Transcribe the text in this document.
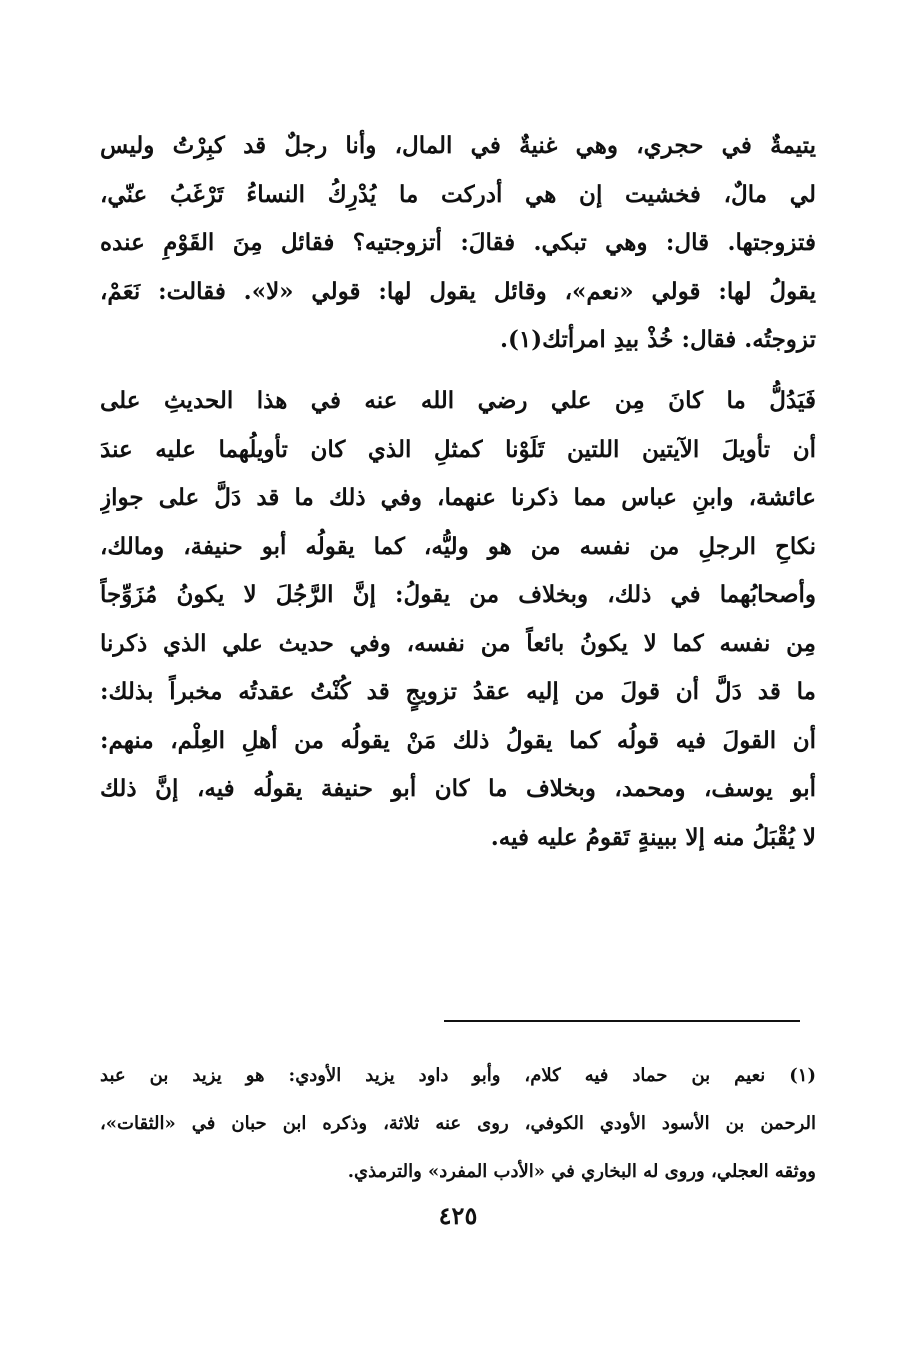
يتيمةٌ في حجري، وهي غنيةٌ في المال، وأنا رجلٌ قد كبِرْتُ وليس
لي مالٌ، فخشيت إن هي أدركت ما يُدْرِكُ النساءُ تَرْغَبُ عنّي،
فتزوجتها. قال: وهي تبكي. فقالَ: أتزوجتيه؟ فقائل مِنَ القَوْمِ عنده
يقولُ لها: قولي «نعم»، وقائل يقول لها: قولي «لا». فقالت: نَعَمْ،
تزوجتُه. فقال: خُذْ بيدِ امرأتك(١).
فَيَدُلُّ ما كانَ مِن علي رضي الله عنه في هذا الحديثِ على
أن تأويلَ الآيتين اللتين تَلَوْنا كمثلِ الذي كان تأويلُهما عليه عندَ
عائشة، وابنِ عباس مما ذكرنا عنهما، وفي ذلك ما قد دَلَّ على جوازِ
نكاحِ الرجلِ من نفسه من هو وليُّه، كما يقولُه أبو حنيفة، ومالك،
وأصحابُهما في ذلك، وبخلاف من يقولُ: إنَّ الرَّجُلَ لا يكونُ مُزَوِّجاً
مِن نفسه كما لا يكونُ بائعاً من نفسه، وفي حديث علي الذي ذكرنا
ما قد دَلَّ أن قولَ من إليه عقدُ تزويجٍ قد كُنْتُ عقدتُه مخبراً بذلك:
أن القولَ فيه قولُه كما يقولُ ذلك مَنْ يقولُه من أهلِ العِلْم، منهم:
أبو يوسف، ومحمد، وبخلاف ما كان أبو حنيفة يقولُه فيه، إنَّ ذلك
لا يُقْبَلُ منه إلا ببينةٍ تَقومُ عليه فيه.
(١) نعيم بن حماد فيه كلام، وأبو داود يزيد الأودي: هو يزيد بن عبد
الرحمن بن الأسود الأودي الكوفي، روى عنه ثلاثة، وذكره ابن حبان في «الثقات»،
ووثقه العجلي، وروى له البخاري في «الأدب المفرد» والترمذي.
٤٢٥
